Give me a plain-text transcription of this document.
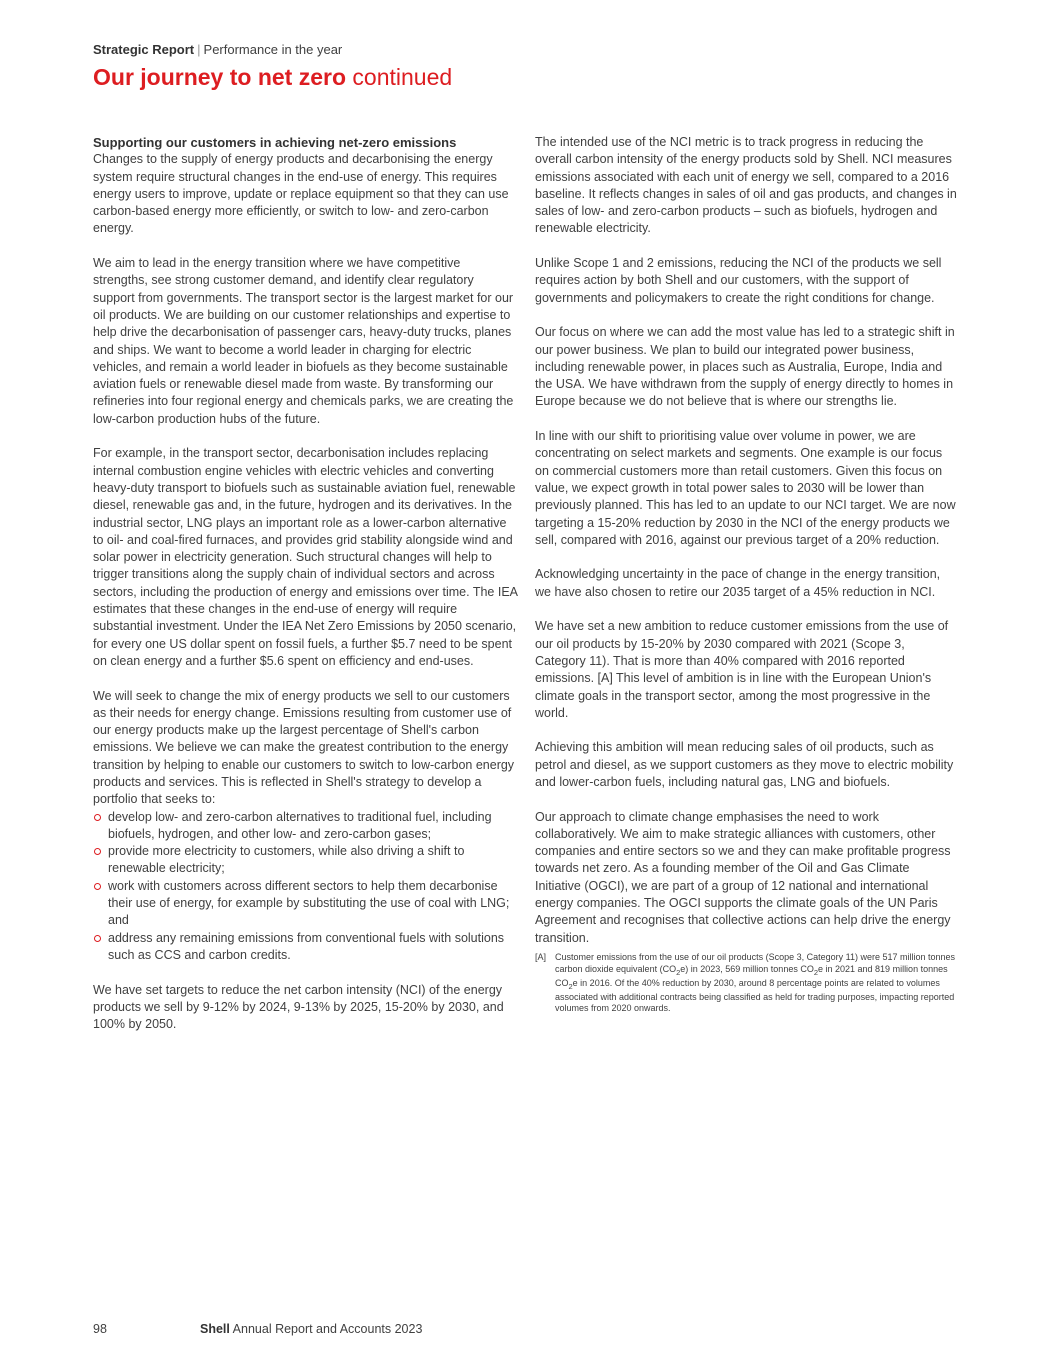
Strategic Report | Performance in the year
Our journey to net zero continued
Supporting our customers in achieving net-zero emissions

Changes to the supply of energy products and decarbonising the energy system require structural changes in the end-use of energy. This requires energy users to improve, update or replace equipment so that they can use carbon-based energy more efficiently, or switch to low- and zero-carbon energy.

We aim to lead in the energy transition where we have competitive strengths, see strong customer demand, and identify clear regulatory support from governments. The transport sector is the largest market for our oil products. We are building on our customer relationships and expertise to help drive the decarbonisation of passenger cars, heavy-duty trucks, planes and ships. We want to become a world leader in charging for electric vehicles, and remain a world leader in biofuels as they become sustainable aviation fuels or renewable diesel made from waste. By transforming our refineries into four regional energy and chemicals parks, we are creating the low-carbon production hubs of the future.

For example, in the transport sector, decarbonisation includes replacing internal combustion engine vehicles with electric vehicles and converting heavy-duty transport to biofuels such as sustainable aviation fuel, renewable diesel, renewable gas and, in the future, hydrogen and its derivatives. In the industrial sector, LNG plays an important role as a lower-carbon alternative to oil- and coal-fired furnaces, and provides grid stability alongside wind and solar power in electricity generation. Such structural changes will help to trigger transitions along the supply chain of individual sectors and across sectors, including the production of energy and emissions over time. The IEA estimates that these changes in the end-use of energy will require substantial investment. Under the IEA Net Zero Emissions by 2050 scenario, for every one US dollar spent on fossil fuels, a further $5.7 need to be spent on clean energy and a further $5.6 spent on efficiency and end-uses.

We will seek to change the mix of energy products we sell to our customers as their needs for energy change. Emissions resulting from customer use of our energy products make up the largest percentage of Shell's carbon emissions. We believe we can make the greatest contribution to the energy transition by helping to enable our customers to switch to low-carbon energy products and services. This is reflected in Shell's strategy to develop a portfolio that seeks to:

develop low- and zero-carbon alternatives to traditional fuel, including biofuels, hydrogen, and other low- and zero-carbon gases;
provide more electricity to customers, while also driving a shift to renewable electricity;
work with customers across different sectors to help them decarbonise their use of energy, for example by substituting the use of coal with LNG; and
address any remaining emissions from conventional fuels with solutions such as CCS and carbon credits.

We have set targets to reduce the net carbon intensity (NCI) of the energy products we sell by 9-12% by 2024, 9-13% by 2025, 15-20% by 2030, and 100% by 2050.

The intended use of the NCI metric is to track progress in reducing the overall carbon intensity of the energy products sold by Shell. NCI measures emissions associated with each unit of energy we sell, compared to a 2016 baseline. It reflects changes in sales of oil and gas products, and changes in sales of low- and zero-carbon products – such as biofuels, hydrogen and renewable electricity.

Unlike Scope 1 and 2 emissions, reducing the NCI of the products we sell requires action by both Shell and our customers, with the support of governments and policymakers to create the right conditions for change.

Our focus on where we can add the most value has led to a strategic shift in our power business. We plan to build our integrated power business, including renewable power, in places such as Australia, Europe, India and the USA. We have withdrawn from the supply of energy directly to homes in Europe because we do not believe that is where our strengths lie.

In line with our shift to prioritising value over volume in power, we are concentrating on select markets and segments. One example is our focus on commercial customers more than retail customers. Given this focus on value, we expect growth in total power sales to 2030 will be lower than previously planned. This has led to an update to our NCI target. We are now targeting a 15-20% reduction by 2030 in the NCI of the energy products we sell, compared with 2016, against our previous target of a 20% reduction.

Acknowledging uncertainty in the pace of change in the energy transition, we have also chosen to retire our 2035 target of a 45% reduction in NCI.

We have set a new ambition to reduce customer emissions from the use of our oil products by 15-20% by 2030 compared with 2021 (Scope 3, Category 11). That is more than 40% compared with 2016 reported emissions. [A] This level of ambition is in line with the European Union's climate goals in the transport sector, among the most progressive in the world.

Achieving this ambition will mean reducing sales of oil products, such as petrol and diesel, as we support customers as they move to electric mobility and lower-carbon fuels, including natural gas, LNG and biofuels.

Our approach to climate change emphasises the need to work collaboratively. We aim to make strategic alliances with customers, other companies and entire sectors so we and they can make profitable progress towards net zero. As a founding member of the Oil and Gas Climate Initiative (OGCI), we are part of a group of 12 national and international energy companies. The OGCI supports the climate goals of the UN Paris Agreement and recognises that collective actions can help drive the energy transition.

[A] Customer emissions from the use of our oil products (Scope 3, Category 11) were 517 million tonnes carbon dioxide equivalent $(CO_2e)$ in 2023, 569 million tonnes $CO_2e$ in 2021 and 819 million tonnes $CO_2e$ in 2016. Of the 40% reduction by 2030, around 8 percentage points are related to volumes associated with additional contracts being classified as held for trading purposes, impacting reported volumes from 2020 onwards.
98	Shell Annual Report and Accounts 2023
